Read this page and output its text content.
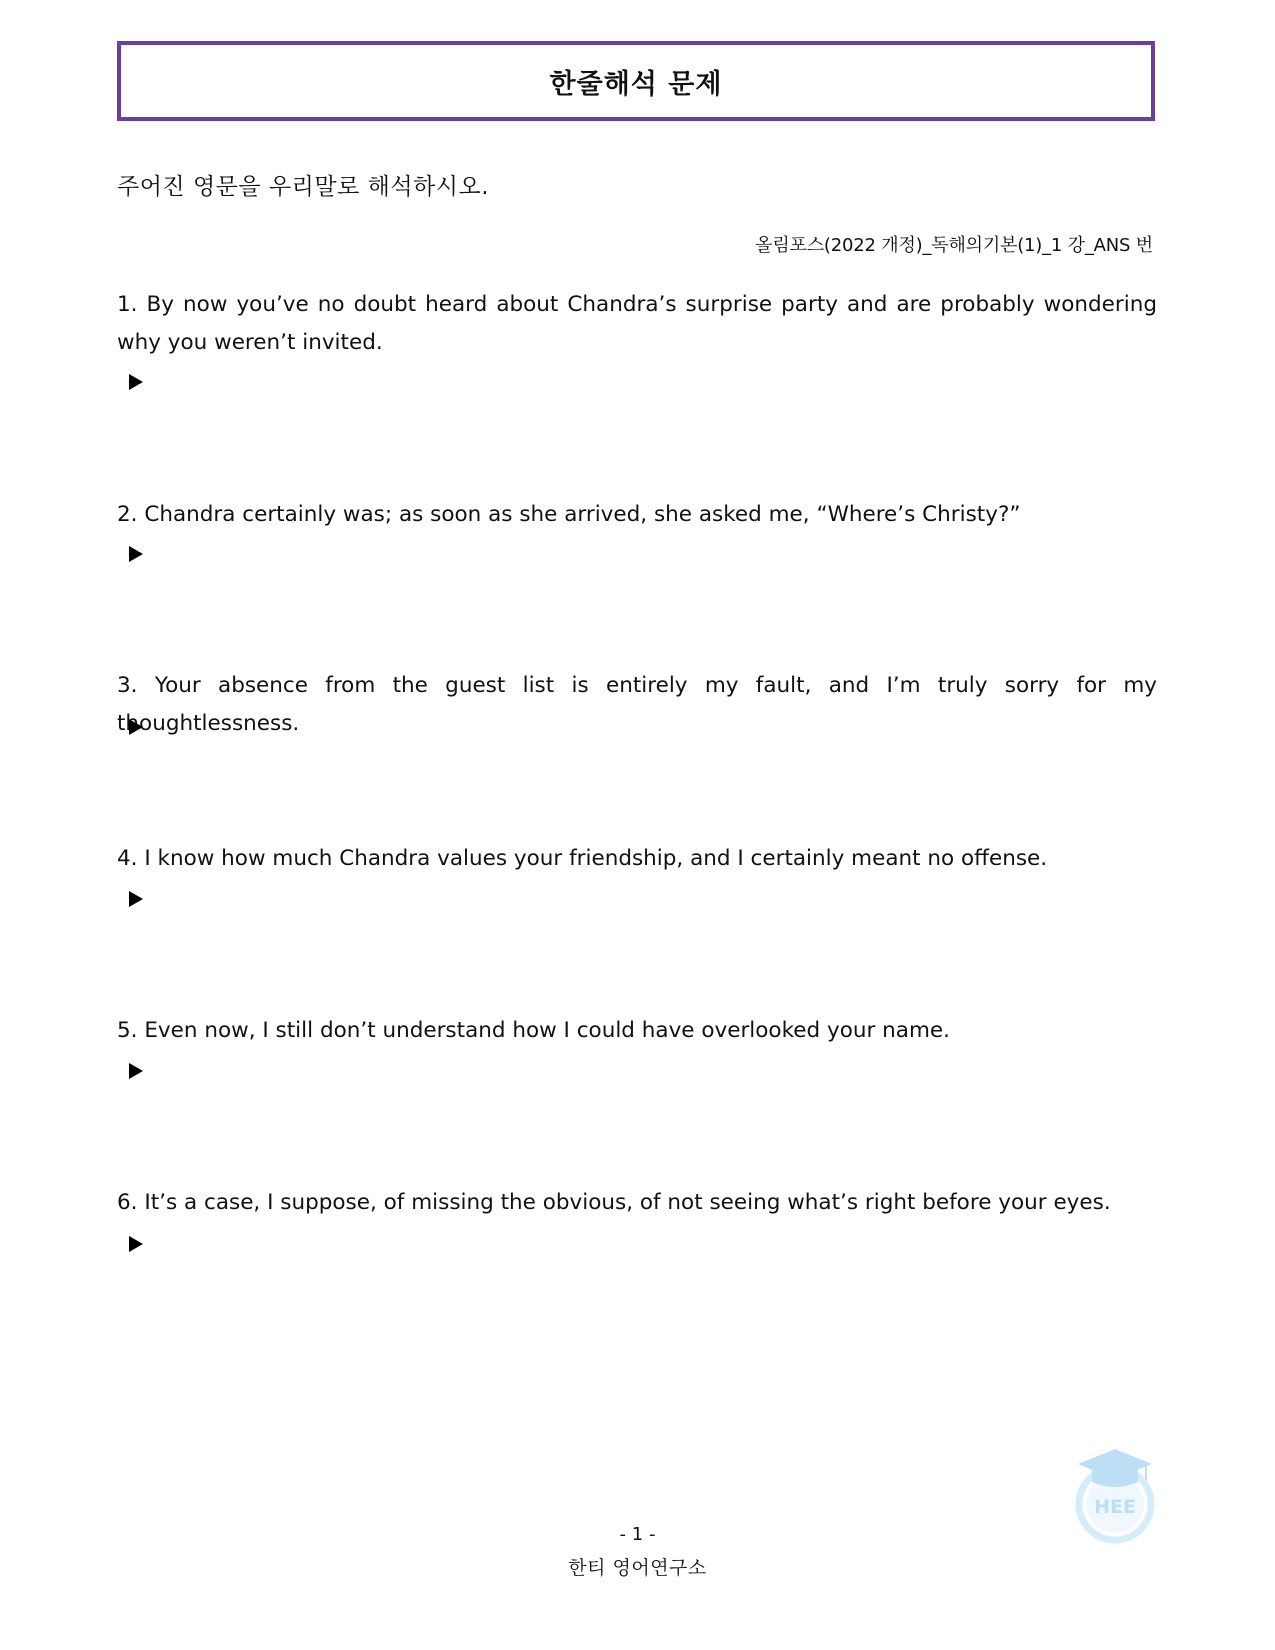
한줄해석 문제
주어진 영문을 우리말로 해석하시오.
올림포스(2022 개정)_독해의기본(1)_1 강_ANS 번
1. By now you’ve no doubt heard about Chandra’s surprise party and are probably wondering why you weren’t invited.
2. Chandra certainly was; as soon as she arrived, she asked me, “Where’s Christy?”
3. Your absence from the guest list is entirely my fault, and I’m truly sorry for my thoughtlessness.
4. I know how much Chandra values your friendship, and I certainly meant no offense.
5. Even now, I still don’t understand how I could have overlooked your name.
6. It’s a case, I suppose, of missing the obvious, of not seeing what’s right before your eyes.
HEE
- 1 -
한티 영어연구소
